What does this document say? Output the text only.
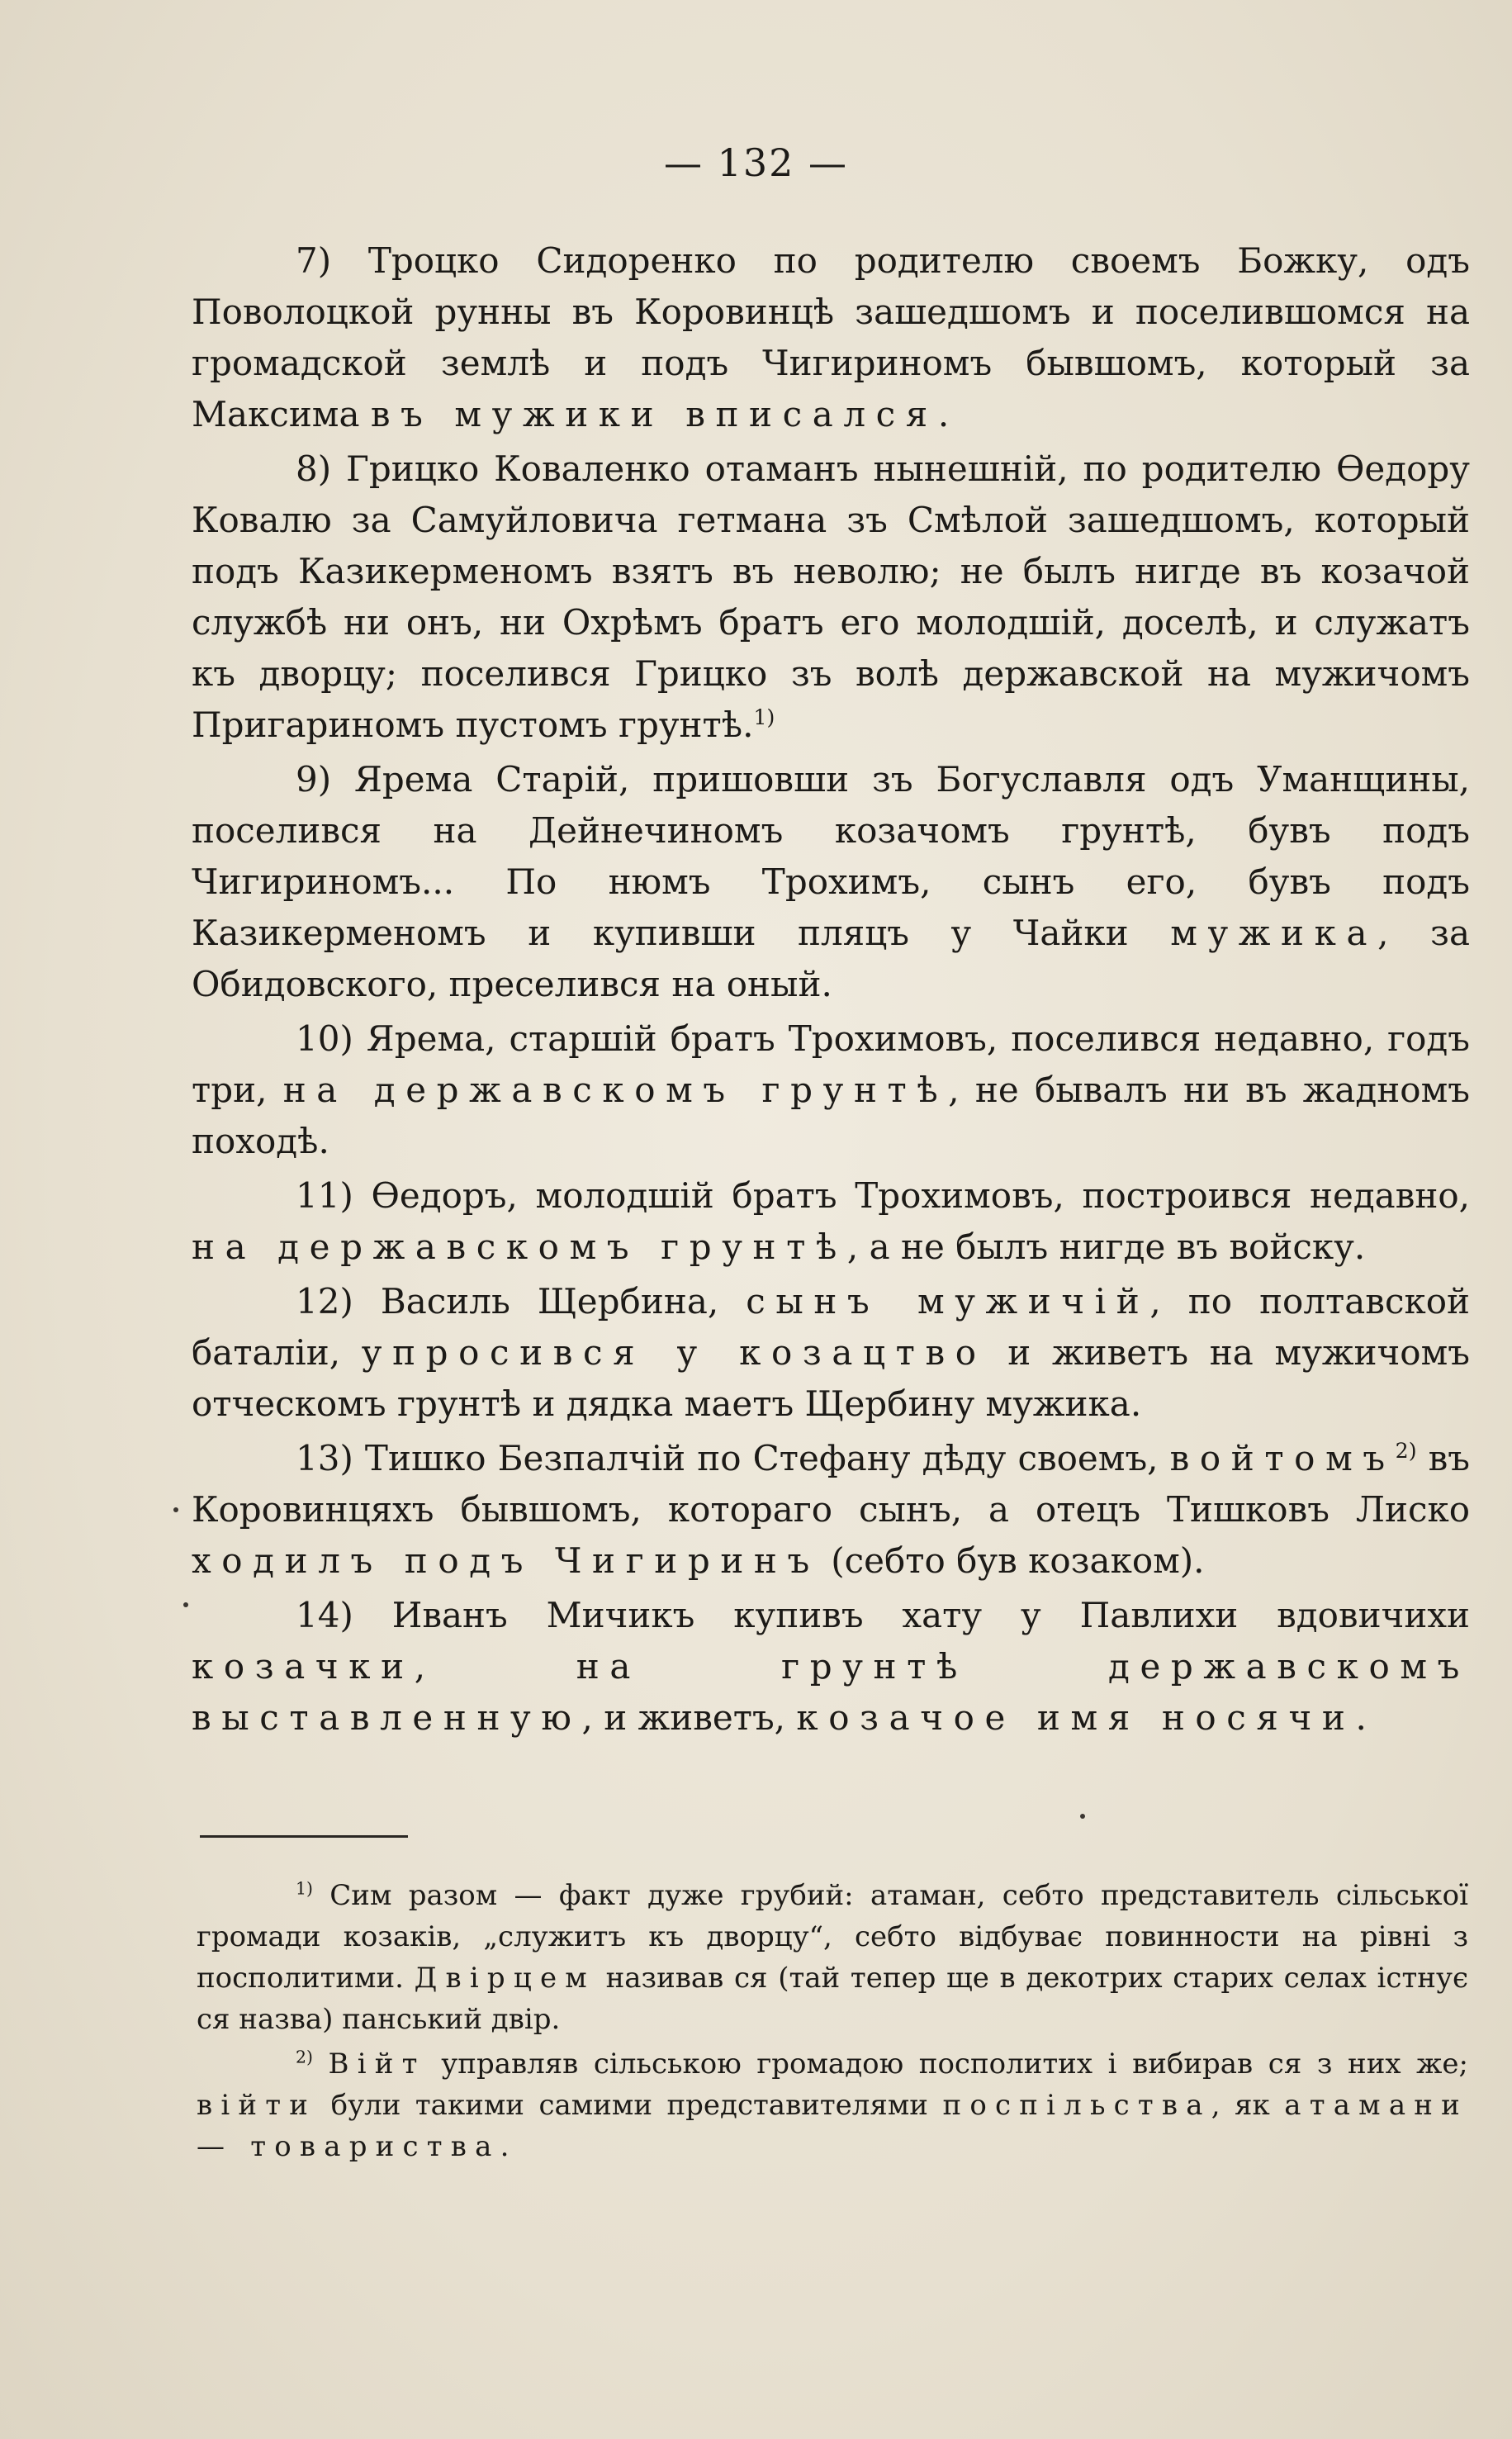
— 132 —

7) Троцко Сидоренко по родителю своемъ Божку, одъ Поволоцкой рунны въ Коровинцѣ зашедшомъ и поселившомся на громадской землѣ и подъ Чигириномъ бывшомъ, который за Максима въ мужики вписался.

8) Грицко Коваленко отаманъ нынешній, по родителю Өедору Ковалю за Самуйловича гетмана зъ Смѣлой зашедшомъ, который подъ Казикерменомъ взятъ въ неволю; не былъ нигде въ козачой службѣ ни онъ, ни Охрѣмъ братъ его молодшій, доселѣ, и служатъ къ дворцу; поселився Грицко зъ волѣ державской на мужичомъ Пригариномъ пустомъ грунтѣ.$^{1)}$

9) Ярема Старій, пришовши зъ Богуславля одъ Уманщины, поселився на Дейнечиномъ козачомъ грунтѣ, бувъ подъ Чигириномъ... По нюмъ Трохимъ, сынъ его, бувъ подъ Казикерменомъ и купивши пляцъ у Чайки мужика, за Обидовского, преселився на оный.

10) Ярема, старшій братъ Трохимовъ, поселився недавно, годъ три, на державскомъ грунтѣ, не бывалъ ни въ жадномъ походѣ.

11) Өедоръ, молодшій братъ Трохимовъ, построився недавно, на державскомъ грунтѣ, а не былъ нигде въ войску.

12) Василь Щербина, сынъ мужичій, по полтавской баталіи, упросився у козацтво и живетъ на мужичомъ отческомъ грунтѣ и дядка маетъ Щербину мужика.

13) Тишко Безпалчій по Стефану дѣду своемъ, войтомъ$^{2)}$ въ Коровинцяхъ бывшомъ, котораго сынъ, а отецъ Тишковъ Лиско ходилъ подъ Чигиринъ (себто був козаком).

14) Иванъ Мичикъ купивъ хату у Павлихи вдовичихи козачки, на грунтѣ державскомъ выставленную, и живетъ, козачое имя носячи.

$^{1)}$ Сим разом — факт дуже грубий: атаман, себто представитель сільської громади козаків, „служитъ къ дворцу“, себто відбуває повинности на рівні з посполитими. Двірцем називав ся (тай тепер ще в декотрих старих селах істнує ся назва) панський двір.

$^{2)}$ Війт управляв сільською громадою посполитих і вибирав ся з них же; війти були такими самими представителями поспільства, як атамани — товариства.
